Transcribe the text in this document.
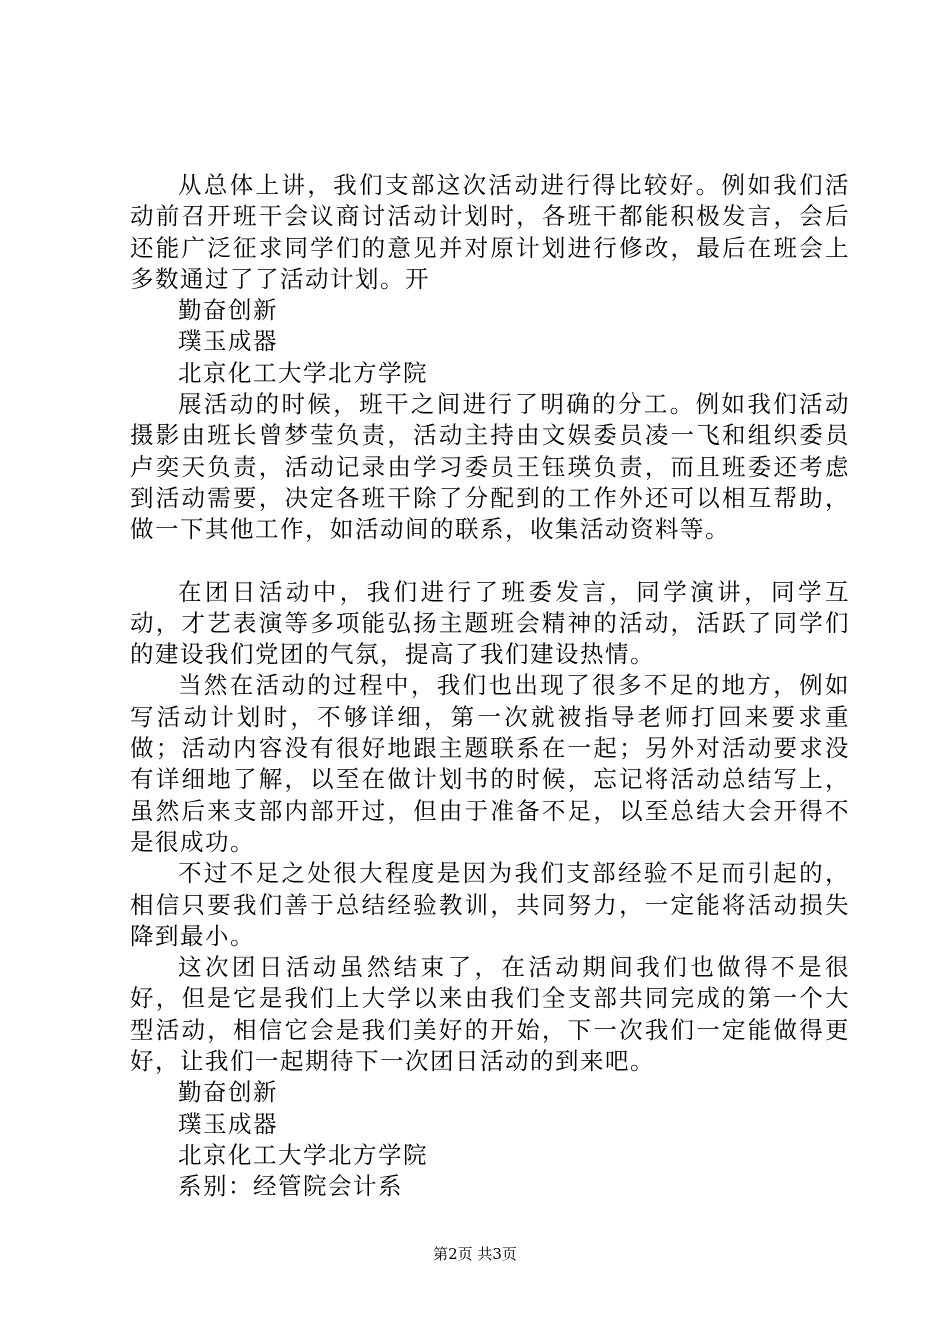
从总体上讲，我们支部这次活动进行得比较好。例如我们活动前召开班干会议商讨活动计划时，各班干都能积极发言，会后还能广泛征求同学们的意见并对原计划进行修改，最后在班会上多数通过了了活动计划。开

勤奋创新

璞玉成器

北京化工大学北方学院

展活动的时候，班干之间进行了明确的分工。例如我们活动摄影由班长曾梦莹负责，活动主持由文娱委员凌一飞和组织委员卢奕天负责，活动记录由学习委员王钰瑛负责，而且班委还考虑到活动需要，决定各班干除了分配到的工作外还可以相互帮助，做一下其他工作，如活动间的联系，收集活动资料等。

在团日活动中，我们进行了班委发言，同学演讲，同学互动，才艺表演等多项能弘扬主题班会精神的活动，活跃了同学们的建设我们党团的气氛，提高了我们建设热情。

当然在活动的过程中，我们也出现了很多不足的地方，例如写活动计划时，不够详细，第一次就被指导老师打回来要求重做；活动内容没有很好地跟主题联系在一起；另外对活动要求没有详细地了解，以至在做计划书的时候，忘记将活动总结写上，虽然后来支部内部开过，但由于准备不足，以至总结大会开得不是很成功。

不过不足之处很大程度是因为我们支部经验不足而引起的，相信只要我们善于总结经验教训，共同努力，一定能将活动损失降到最小。

这次团日活动虽然结束了，在活动期间我们也做得不是很好，但是它是我们上大学以来由我们全支部共同完成的第一个大型活动，相信它会是我们美好的开始，下一次我们一定能做得更好，让我们一起期待下一次团日活动的到来吧。

勤奋创新

璞玉成器

北京化工大学北方学院

系别：经管院会计系

第2页 共3页
